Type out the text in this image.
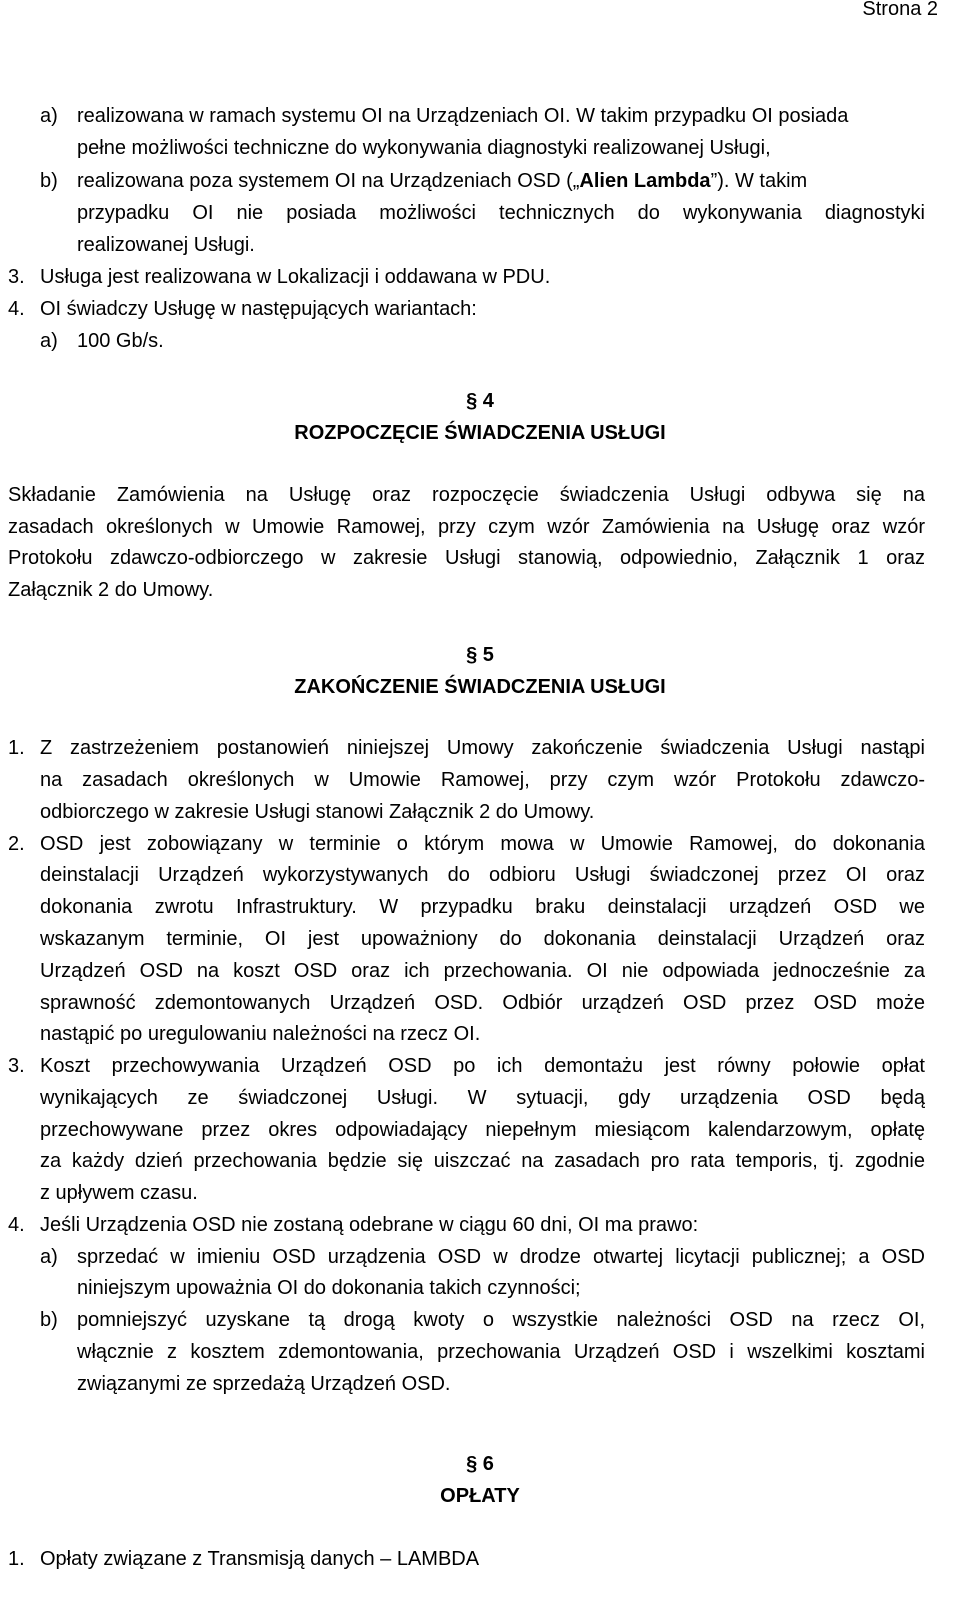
Strona 2
a) realizowana w ramach systemu OI na Urządzeniach OI. W takim przypadku OI posiada
pełne możliwości techniczne do wykonywania diagnostyki realizowanej Usługi,
b) realizowana poza systemem OI na Urządzeniach OSD („Alien Lambda”). W takim
przypadku OI nie posiada możliwości technicznych do wykonywania diagnostyki
realizowanej Usługi.
3. Usługa jest realizowana w Lokalizacji i oddawana w PDU.
4. OI świadczy Usługę w następujących wariantach:
a) 100 Gb/s.
§ 4
ROZPOCZĘCIE ŚWIADCZENIA USŁUGI
Składanie Zamówienia na Usługę oraz rozpoczęcie świadczenia Usługi odbywa się na
zasadach określonych w Umowie Ramowej, przy czym wzór Zamówienia na Usługę oraz wzór
Protokołu zdawczo-odbiorczego w zakresie Usługi stanowią, odpowiednio, Załącznik 1 oraz
Załącznik 2 do Umowy.
§ 5
ZAKOŃCZENIE ŚWIADCZENIA USŁUGI
1. Z zastrzeżeniem postanowień niniejszej Umowy zakończenie świadczenia Usługi nastąpi
na zasadach określonych w Umowie Ramowej, przy czym wzór Protokołu zdawczo-
odbiorczego w zakresie Usługi stanowi Załącznik 2 do Umowy.
2. OSD jest zobowiązany w terminie o którym mowa w Umowie Ramowej, do dokonania
deinstalacji Urządzeń wykorzystywanych do odbioru Usługi świadczonej przez OI oraz
dokonania zwrotu Infrastruktury. W przypadku braku deinstalacji urządzeń OSD we
wskazanym terminie, OI jest upoważniony do dokonania deinstalacji Urządzeń oraz
Urządzeń OSD na koszt OSD oraz ich przechowania. OI nie odpowiada jednocześnie za
sprawność zdemontowanych Urządzeń OSD. Odbiór urządzeń OSD przez OSD może
nastąpić po uregulowaniu należności na rzecz OI.
3. Koszt przechowywania Urządzeń OSD po ich demontażu jest równy połowie opłat
wynikających ze świadczonej Usługi. W sytuacji, gdy urządzenia OSD będą
przechowywane przez okres odpowiadający niepełnym miesiącom kalendarzowym, opłatę
za każdy dzień przechowania będzie się uiszczać na zasadach pro rata temporis, tj. zgodnie
z upływem czasu.
4. Jeśli Urządzenia OSD nie zostaną odebrane w ciągu 60 dni, OI ma prawo:
a) sprzedać w imieniu OSD urządzenia OSD w drodze otwartej licytacji publicznej; a OSD
niniejszym upoważnia OI do dokonania takich czynności;
b) pomniejszyć uzyskane tą drogą kwoty o wszystkie należności OSD na rzecz OI,
włącznie z kosztem zdemontowania, przechowania Urządzeń OSD i wszelkimi kosztami
związanymi ze sprzedażą Urządzeń OSD.
§ 6
OPŁATY
1. Opłaty związane z Transmisją danych – LAMBDA
